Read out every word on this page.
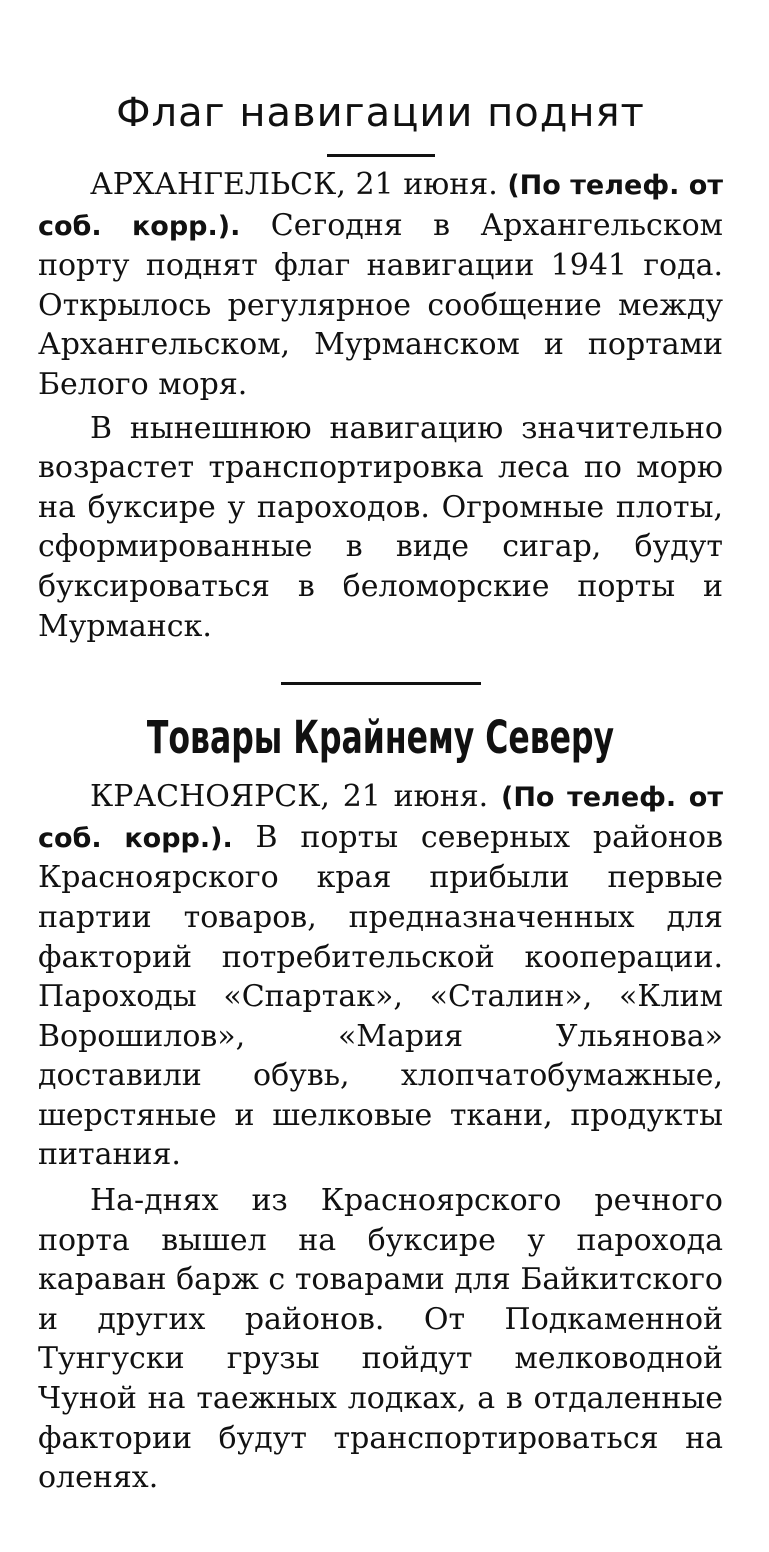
Флаг навигации поднят

АРХАНГЕЛЬСК, 21 июня. (По телеф. от соб. корр.). Сегодня в Архангельском порту поднят флаг навигации 1941 года. Открылось регулярное сообщение между Архангельском, Мурманском и портами Белого моря.

В нынешнюю навигацию значительно возрастет транспортировка леса по морю на буксире у пароходов. Огромные плоты, сформированные в виде сигар, будут буксироваться в беломорские порты и Мурманск.

Товары Крайнему Северу

КРАСНОЯРСК, 21 июня. (По телеф. от соб. корр.). В порты северных районов Красноярского края прибыли первые партии товаров, предназначенных для факторий потребительской кооперации. Пароходы «Спартак», «Сталин», «Клим Ворошилов», «Мария Ульянова» доставили обувь, хлопчатобумажные, шерстяные и шелковые ткани, продукты питания.

На-днях из Красноярского речного порта вышел на буксире у парохода караван барж с товарами для Байкитского и других районов. От Подкаменной Тунгуски грузы пойдут мелководной Чуной на таежных лодках, а в отдаленные фактории будут транспортироваться на оленях.
